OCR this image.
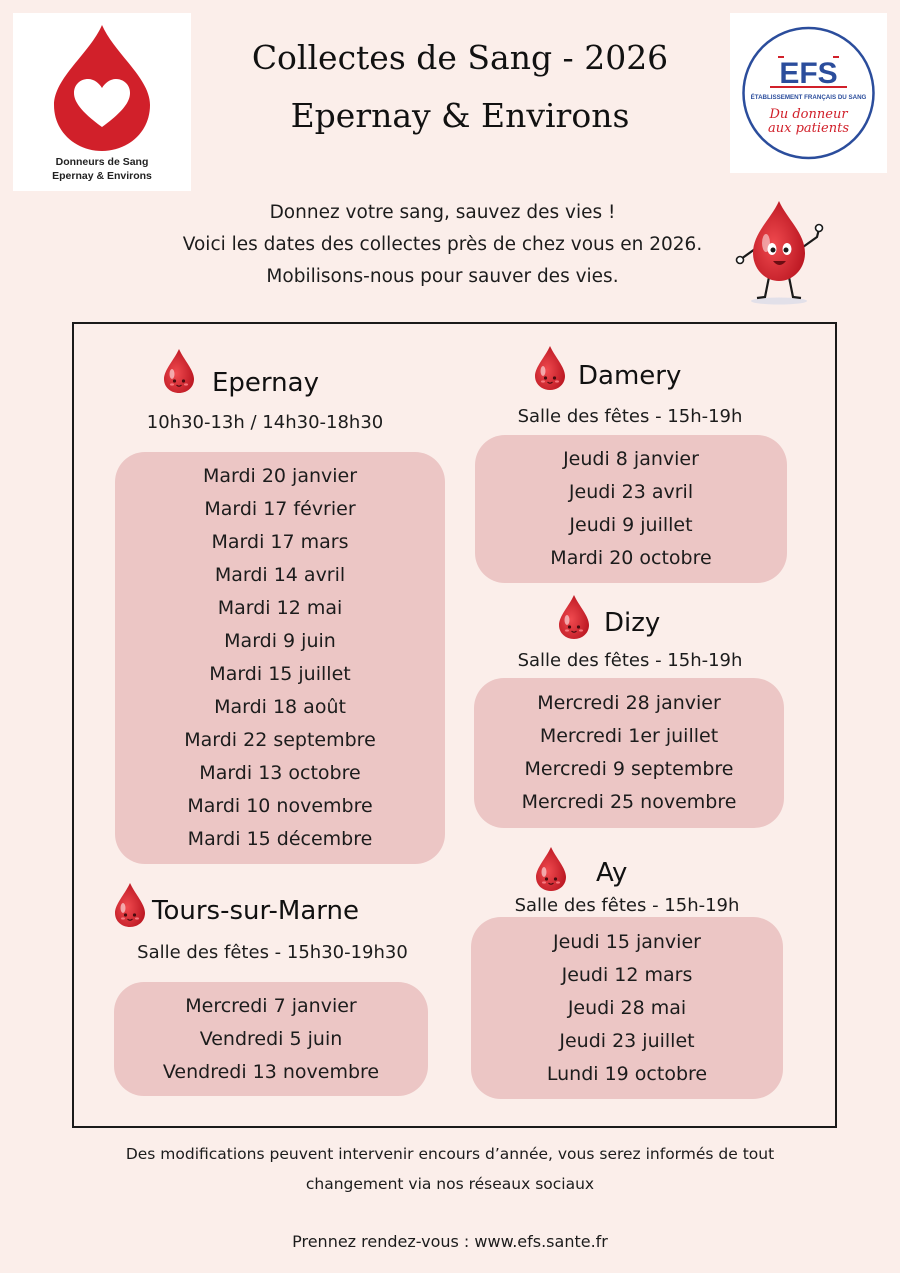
Donneurs de Sang
Epernay & Environs
EFS
ÉTABLISSEMENT FRANÇAIS DU SANG
Du donneur
aux patients
Collectes de Sang - 2026
Epernay & Environs
Donnez votre sang, sauvez des vies !
Voici les dates des collectes près de chez vous en 2026.
Mobilisons-nous pour sauver des vies.
Epernay
10h30-13h / 14h30-18h30
Mardi 20 janvier
Mardi 17 février
Mardi 17 mars
Mardi 14 avril
Mardi 12 mai
Mardi 9 juin
Mardi 15 juillet
Mardi 18 août
Mardi 22 septembre
Mardi 13 octobre
Mardi 10 novembre
Mardi 15 décembre
Tours-sur-Marne
Salle des fêtes - 15h30-19h30
Mercredi 7 janvier
Vendredi 5 juin
Vendredi 13 novembre
Damery
Salle des fêtes - 15h-19h
Jeudi 8 janvier
Jeudi 23 avril
Jeudi 9 juillet
Mardi 20 octobre
Dizy
Salle des fêtes - 15h-19h
Mercredi 28 janvier
Mercredi 1er juillet
Mercredi 9 septembre
Mercredi 25 novembre
Ay
Salle des fêtes - 15h-19h
Jeudi 15 janvier
Jeudi 12 mars
Jeudi 28 mai
Jeudi 23 juillet
Lundi 19 octobre
Des modifications peuvent intervenir encours d’année, vous serez informés de tout
changement via nos réseaux sociaux
Prennez rendez-vous : www.efs.sante.fr
